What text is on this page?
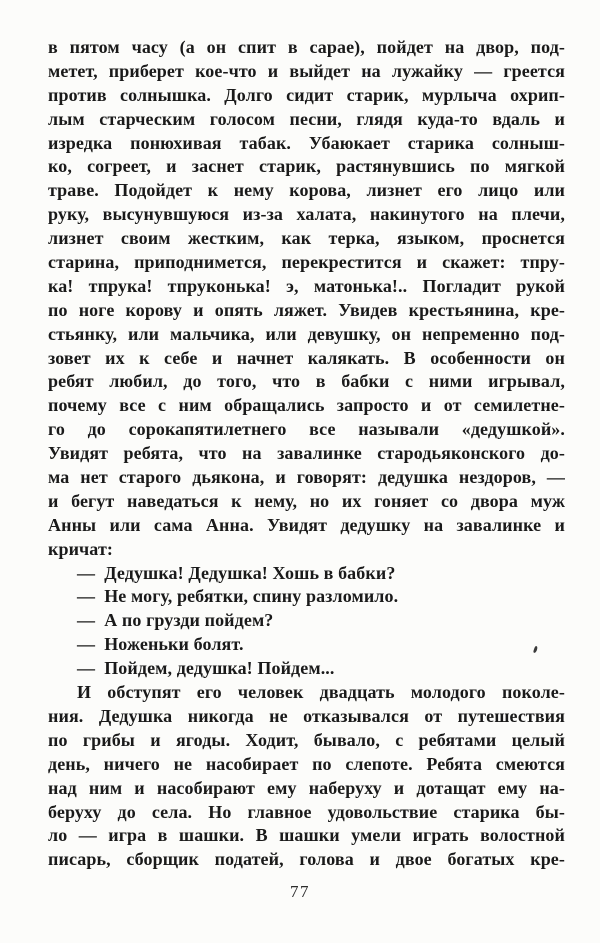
в пятом часу (а он спит в сарае), пойдет на двор, под-
метет, приберет кое-что и выйдет на лужайку — греется
против солнышка. Долго сидит старик, мурлыча охрип-
лым старческим голосом песни, глядя куда-то вдаль и
изредка понюхивая табак. Убаюкает старика солныш-
ко, согреет, и заснет старик, растянувшись по мягкой
траве. Подойдет к нему корова, лизнет его лицо или
руку, высунувшуюся из-за халата, накинутого на плечи,
лизнет своим жестким, как терка, языком, проснется
старина, приподнимется, перекрестится и скажет: тпру-
ка! тпрука! тпруконька! э, матонька!.. Погладит рукой
по ноге корову и опять ляжет. Увидев крестьянина, кре-
стьянку, или мальчика, или девушку, он непременно под-
зовет их к себе и начнет калякать. В особенности он
ребят любил, до того, что в бабки с ними игрывал,
почему все с ним обращались запросто и от семилетне-
го до сорокапятилетнего все называли «дедушкой».
Увидят ребята, что на завалинке стародьяконского до-
ма нет старого дьякона, и говорят: дедушка нездоров, —
и бегут наведаться к нему, но их гоняет со двора муж
Анны или сама Анна. Увидят дедушку на завалинке и
кричат:
— Дедушка! Дедушка! Хошь в бабки?
— Не могу, ребятки, спину разломило.
— А по грузди пойдем?
— Ноженьки болят.
— Пойдем, дедушка! Пойдем...
И обступят его человек двадцать молодого поколе-
ния. Дедушка никогда не отказывался от путешествия
по грибы и ягоды. Ходит, бывало, с ребятами целый
день, ничего не насобирает по слепоте. Ребята смеются
над ним и насобирают ему наберуху и дотащат ему на-
беруху до села. Но главное удовольствие старика бы-
ло — игра в шашки. В шашки умели играть волостной
писарь, сборщик податей, голова и двое богатых кре-
77
